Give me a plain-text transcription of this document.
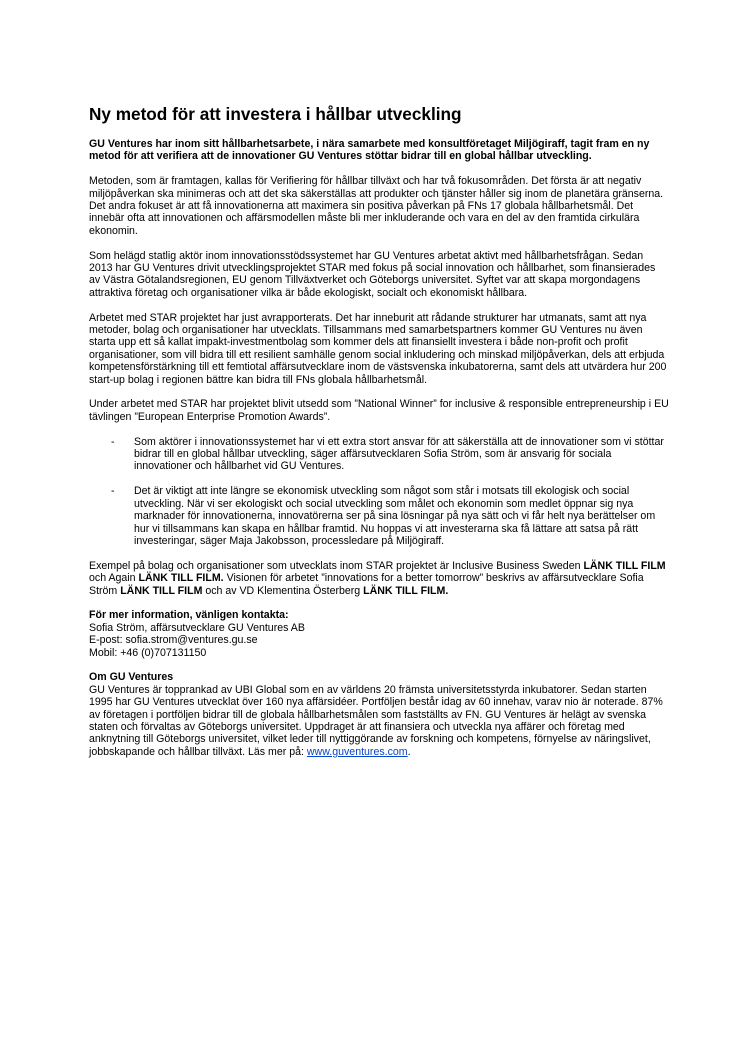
Ny metod för att investera i hållbar utveckling

GU Ventures har inom sitt hållbarhetsarbete, i nära samarbete med konsultföretaget Miljögiraff, tagit fram en ny metod för att verifiera att de innovationer GU Ventures stöttar bidrar till en global hållbar utveckling.

Metoden, som är framtagen, kallas för Verifiering för hållbar tillväxt och har två fokusområden. Det första är att negativ miljöpåverkan ska minimeras och att det ska säkerställas att produkter och tjänster håller sig inom de planetära gränserna. Det andra fokuset är att få innovationerna att maximera sin positiva påverkan på FNs 17 globala hållbarhetsmål. Det innebär ofta att innovationen och affärsmodellen måste bli mer inkluderande och vara en del av den framtida cirkulära ekonomin.

Som helägd statlig aktör inom innovationsstödssystemet har GU Ventures arbetat aktivt med hållbarhetsfrågan. Sedan 2013 har GU Ventures drivit utvecklingsprojektet STAR med fokus på social innovation och hållbarhet, som finansierades av Västra Götalandsregionen, EU genom Tillväxtverket och Göteborgs universitet. Syftet var att skapa morgondagens attraktiva företag och organisationer vilka är både ekologiskt, socialt och ekonomiskt hållbara.

Arbetet med STAR projektet har just avrapporterats. Det har inneburit att rådande strukturer har utmanats, samt att nya metoder, bolag och organisationer har utvecklats. Tillsammans med samarbetspartners kommer GU Ventures nu även starta upp ett så kallat impakt-investmentbolag som kommer dels att finansiellt investera i både non-profit och profit organisationer, som vill bidra till ett resilient samhälle genom social inkludering och minskad miljöpåverkan, dels att erbjuda kompetensförstärkning till ett femtiotal affärsutvecklare inom de västsvenska inkubatorerna, samt dels att utvärdera hur 200 start-up bolag i regionen bättre kan bidra till FNs globala hållbarhetsmål.

Under arbetet med STAR har projektet blivit utsedd som ”National Winner” for inclusive & responsible entrepreneurship i EU tävlingen ”European Enterprise Promotion Awards”.

- Som aktörer i innovationssystemet har vi ett extra stort ansvar för att säkerställa att de innovationer som vi stöttar bidrar till en global hållbar utveckling, säger affärsutvecklaren Sofia Ström, som är ansvarig för sociala innovationer och hållbarhet vid GU Ventures.
- Det är viktigt att inte längre se ekonomisk utveckling som något som står i motsats till ekologisk och social utveckling. När vi ser ekologiskt och social utveckling som målet och ekonomin som medlet öppnar sig nya marknader för innovationerna, innovatörerna ser på sina lösningar på nya sätt och vi får helt nya berättelser om hur vi tillsammans kan skapa en hållbar framtid. Nu hoppas vi att investerarna ska få lättare att satsa på rätt investeringar, säger Maja Jakobsson, processledare på Miljögiraff.

Exempel på bolag och organisationer som utvecklats inom STAR projektet är Inclusive Business Sweden LÄNK TILL FILM och Again LÄNK TILL FILM. Visionen för arbetet ”innovations for a better tomorrow” beskrivs av affärsutvecklare Sofia Ström LÄNK TILL FILM och av VD Klementina Österberg LÄNK TILL FILM.

För mer information, vänligen kontakta:
Sofia Ström, affärsutvecklare GU Ventures AB
E-post: sofia.strom@ventures.gu.se
Mobil: +46 (0)707131150
Om GU Ventures
GU Ventures är topprankad av UBI Global som en av världens 20 främsta universitetsstyrda inkubatorer. Sedan starten 1995 har GU Ventures utvecklat över 160 nya affärsidéer. Portföljen består idag av 60 innehav, varav nio är noterade. 87% av företagen i portföljen bidrar till de globala hållbarhetsmålen som fastställts av FN. GU Ventures är helägt av svenska staten och förvaltas av Göteborgs universitet. Uppdraget är att finansiera och utveckla nya affärer och företag med anknytning till Göteborgs universitet, vilket leder till nyttiggörande av forskning och kompetens, förnyelse av näringslivet, jobbskapande och hållbar tillväxt. Läs mer på: www.guventures.com.
